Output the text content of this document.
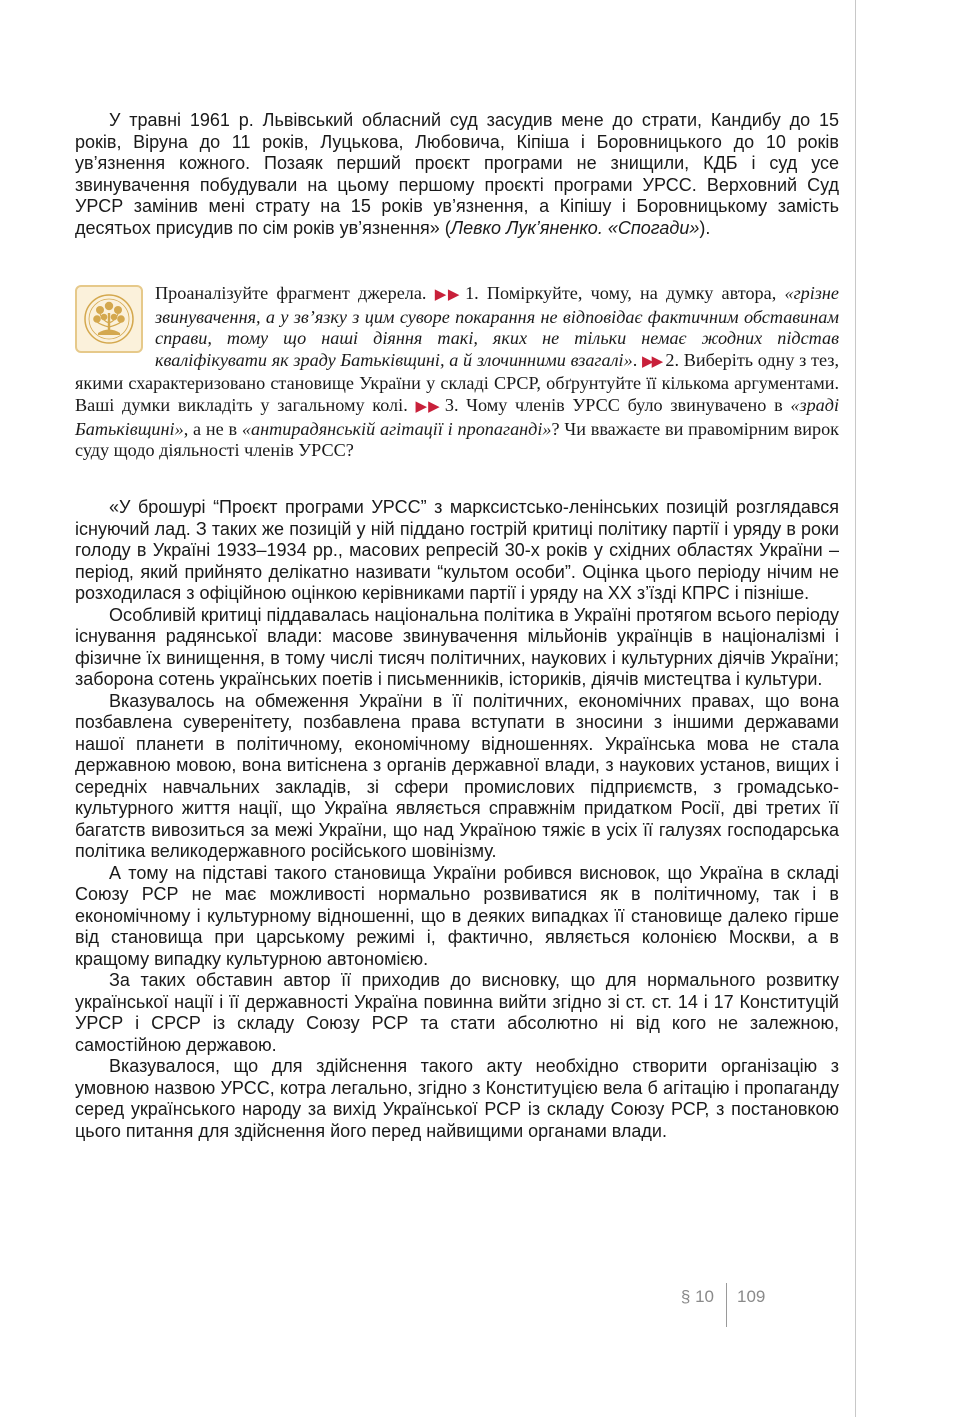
У травні 1961 р. Львівський обласний суд засудив мене до страти, Кандибу до 15 років, Віруна до 11 років, Луцькова, Любовича, Кіпіша і Боровницького до 10 років ув’язнення кожного. Позаяк перший проєкт програми не знищили, КДБ і суд усе звинувачення побудували на цьому першому проєкті програми УРСС. Верховний Суд УРСР замінив мені страту на 15 років ув’язнення, а Кіпішу і Боровницькому замість десятьох присудив по сім років ув’язнення» (Левко Лук’яненко. «Спогади»).

Проаналізуйте фрагмент джерела. ▶▶ 1. Поміркуйте, чому, на думку автора, «грізне звинувачення, а у зв’язку з цим суворе покарання не відповідає фактичним обставинам справи, тому що наші діяння такі, яких не тільки немає жодних підстав кваліфікувати як зраду Батьківщині, а й злочинними взагалі». ▶▶ 2. Виберіть одну з тез, якими схарактеризовано становище України у складі СРСР, обґрунтуйте її кількома аргументами. Ваші думки викладіть у загальному колі. ▶▶ 3. Чому членів УРСС було звинувачено в «зраді Батьківщині», а не в «антирадянській агітації і пропаганді»? Чи вважаєте ви правомірним вирок суду щодо діяльності членів УРСС?

«У брошурі “Проєкт програми УРСС” з марксистсько-ленінських позицій розглядався існуючий лад. З таких же позицій у ній піддано гострій критиці політику партії і уряду в роки голоду в Україні 1933–1934 рр., масових репресій 30-х років у східних областях України – період, який прийнято делікатно називати “культом особи”. Оцінка цього періоду нічим не розходилася з офіційною оцінкою керівниками партії і уряду на ХХ з’їзді КПРС і пізніше.

Особливій критиці піддавалась національна політика в Україні протягом всього періоду існування радянської влади: масове звинувачення мільйонів українців в націоналізмі і фізичне їх винищення, в тому числі тисяч політичних, наукових і культурних діячів України; заборона сотень українських поетів і письменників, істориків, діячів мистецтва і культури.

Вказувалось на обмеження України в її політичних, економічних правах, що вона позбавлена суверенітету, позбавлена права вступати в зносини з іншими державами нашої планети в політичному, економічному відношеннях. Українська мова не стала державною мовою, вона витіснена з органів державної влади, з наукових установ, вищих і середніх навчальних закладів, зі сфери промислових підприємств, з громадсько-культурного життя нації, що Україна являється справжнім придатком Росії, дві третих її багатств вивозиться за межі України, що над Україною тяжіє в усіх її галузях господарська політика великодержавного російського шовінізму.

А тому на підставі такого становища України робився висновок, що Україна в складі Союзу РСР не має можливості нормально розвиватися як в політичному, так і в економічному і культурному відношенні, що в деяких випадках її становище далеко гірше від становища при царському режимі і, фактично, являється колонією Москви, а в кращому випадку культурною автономією.

За таких обставин автор її приходив до висновку, що для нормального розвитку української нації і її державності Україна повинна вийти згідно зі ст. ст. 14 і 17 Конституцій УРСР і СРСР із складу Союзу РСР та стати абсолютно ні від кого не залежною, самостійною державою.

Вказувалося, що для здійснення такого акту необхідно створити організацію з умовною назвою УРСС, котра легально, згідно з Конституцією вела б агітацію і пропаганду серед українського народу за вихід Української РСР із складу Союзу РСР, з постановкою цього питання для здійснення його перед найвищими органами влади.

§ 10 109
